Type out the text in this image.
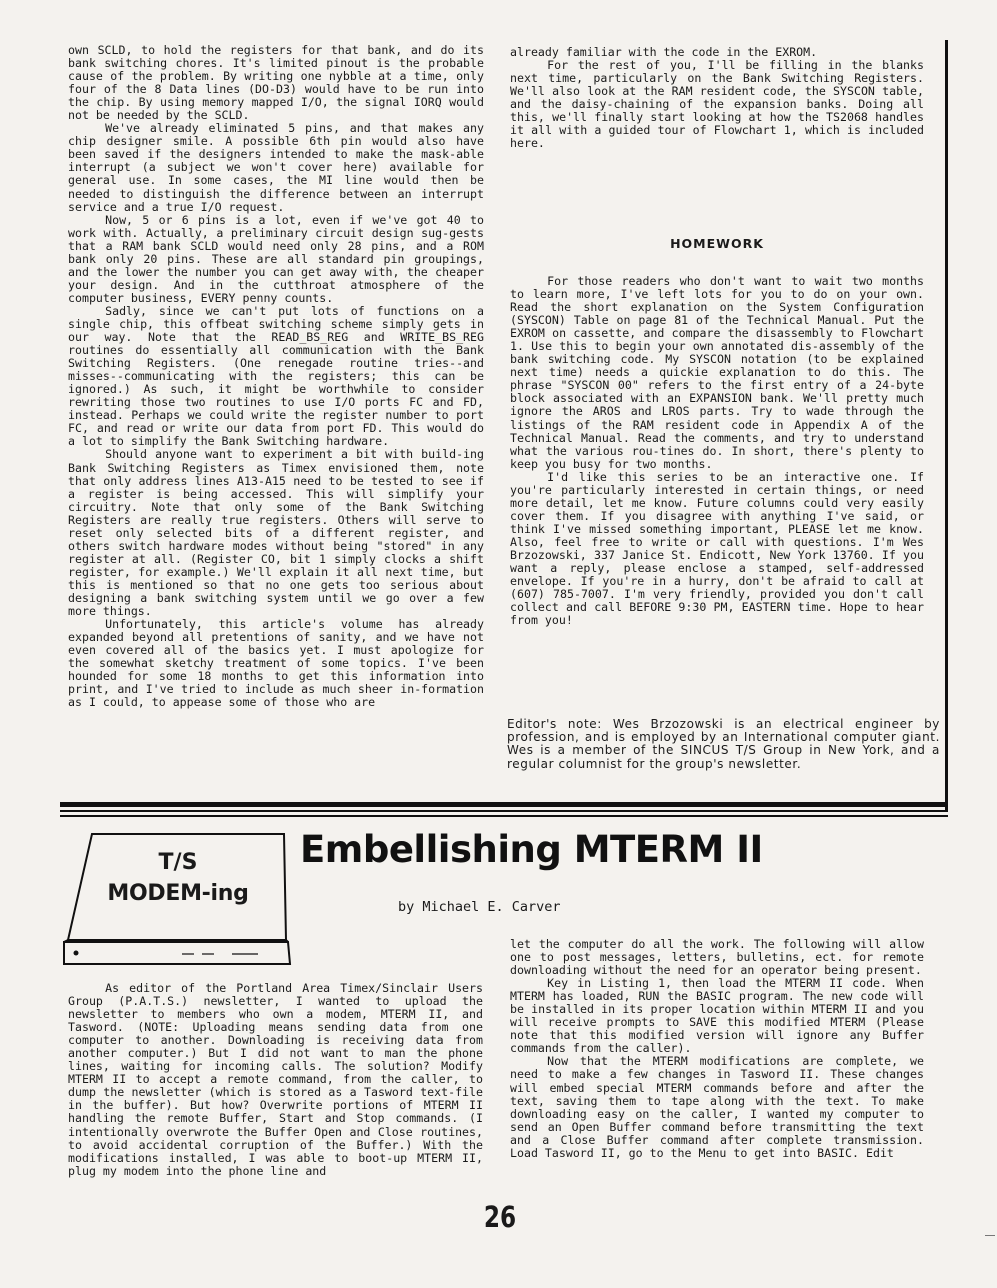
own SCLD, to hold the registers for that bank, and do its bank switching chores. It's limited pinout is the probable cause of the problem. By writing one nybble at a time, only four of the 8 Data lines (DO-D3) would have to be run into the chip. By using memory mapped I/O, the signal IORQ would not be needed by the SCLD.

We've already eliminated 5 pins, and that makes any chip designer smile. A possible 6th pin would also have been saved if the designers intended to make the mask-able interrupt (a subject we won't cover here) available for general use. In some cases, the MI line would then be needed to distinguish the difference between an interrupt service and a true I/O request.

Now, 5 or 6 pins is a lot, even if we've got 40 to work with. Actually, a preliminary circuit design sug-gests that a RAM bank SCLD would need only 28 pins, and a ROM bank only 20 pins. These are all standard pin groupings, and the lower the number you can get away with, the cheaper your design. And in the cutthroat atmosphere of the computer business, EVERY penny counts.

Sadly, since we can't put lots of functions on a single chip, this offbeat switching scheme simply gets in our way. Note that the READ_BS_REG and WRITE_BS_REG routines do essentially all communication with the Bank Switching Registers. (One renegade routine tries--and misses--communicating with the registers; this can be ignored.) As such, it might be worthwhile to consider rewriting those two routines to use I/O ports FC and FD, instead. Perhaps we could write the register number to port FC, and read or write our data from port FD. This would do a lot to simplify the Bank Switching hardware.

Should anyone want to experiment a bit with build-ing Bank Switching Registers as Timex envisioned them, note that only address lines A13-A15 need to be tested to see if a register is being accessed. This will simplify your circuitry. Note that only some of the Bank Switching Registers are really true registers. Others will serve to reset only selected bits of a different register, and others switch hardware modes without being "stored" in any register at all. (Register CO, bit 1 simply clocks a shift register, for example.) We'll explain it all next time, but this is mentioned so that no one gets too serious about designing a bank switching system until we go over a few more things.

Unfortunately, this article's volume has already expanded beyond all pretentions of sanity, and we have not even covered all of the basics yet. I must apologize for the somewhat sketchy treatment of some topics. I've been hounded for some 18 months to get this information into print, and I've tried to include as much sheer in-formation as I could, to appease some of those who are

already familiar with the code in the EXROM.

For the rest of you, I'll be filling in the blanks next time, particularly on the Bank Switching Registers. We'll also look at the RAM resident code, the SYSCON table, and the daisy-chaining of the expansion banks. Doing all this, we'll finally start looking at how the TS2068 handles it all with a guided tour of Flowchart 1, which is included here.

HOMEWORK

For those readers who don't want to wait two months to learn more, I've left lots for you to do on your own. Read the short explanation on the System Configuration (SYSCON) Table on page 81 of the Technical Manual. Put the EXROM on cassette, and compare the disassembly to Flowchart 1. Use this to begin your own annotated dis-assembly of the bank switching code. My SYSCON notation (to be explained next time) needs a quickie explanation to do this. The phrase "SYSCON 00" refers to the first entry of a 24-byte block associated with an EXPANSION bank. We'll pretty much ignore the AROS and LROS parts. Try to wade through the listings of the RAM resident code in Appendix A of the Technical Manual. Read the comments, and try to understand what the various rou-tines do. In short, there's plenty to keep you busy for two months.

I'd like this series to be an interactive one. If you're particularly interested in certain things, or need more detail, let me know. Future columns could very easily cover them. If you disagree with anything I've said, or think I've missed something important, PLEASE let me know. Also, feel free to write or call with questions. I'm Wes Brzozowski, 337 Janice St. Endicott, New York 13760. If you want a reply, please enclose a stamped, self-addressed envelope. If you're in a hurry, don't be afraid to call at (607) 785-7007. I'm very friendly, provided you don't call collect and call BEFORE 9:30 PM, EASTERN time. Hope to hear from you!

Editor's note: Wes Brzozowski is an electrical engineer by profession, and is employed by an International computer giant. Wes is a member of the SINCUS T/S Group in New York, and a regular columnist for the group's newsletter.
T/S
MODEM-ing
Embellishing MTERM II
by Michael E. Carver

As editor of the Portland Area Timex/Sinclair Users Group (P.A.T.S.) newsletter, I wanted to upload the newsletter to members who own a modem, MTERM II, and Tasword. (NOTE: Uploading means sending data from one computer to another. Downloading is receiving data from another computer.) But I did not want to man the phone lines, waiting for incoming calls. The solution? Modify MTERM II to accept a remote command, from the caller, to dump the newsletter (which is stored as a Tasword text-file in the buffer). But how? Overwrite portions of MTERM II handling the remote Buffer, Start and Stop commands. (I intentionally overwrote the Buffer Open and Close routines, to avoid accidental corruption of the Buffer.) With the modifications installed, I was able to boot-up MTERM II, plug my modem into the phone line and

let the computer do all the work. The following will allow one to post messages, letters, bulletins, ect. for remote downloading without the need for an operator being present.

Key in Listing 1, then load the MTERM II code. When MTERM has loaded, RUN the BASIC program. The new code will be installed in its proper location within MTERM II and you will receive prompts to SAVE this modified MTERM (Please note that this modified version will ignore any Buffer commands from the caller).

Now that the MTERM modifications are complete, we need to make a few changes in Tasword II. These changes will embed special MTERM commands before and after the text, saving them to tape along with the text. To make downloading easy on the caller, I wanted my computer to send an Open Buffer command before transmitting the text and a Close Buffer command after complete transmission. Load Tasword II, go to the Menu to get into BASIC. Edit

26
